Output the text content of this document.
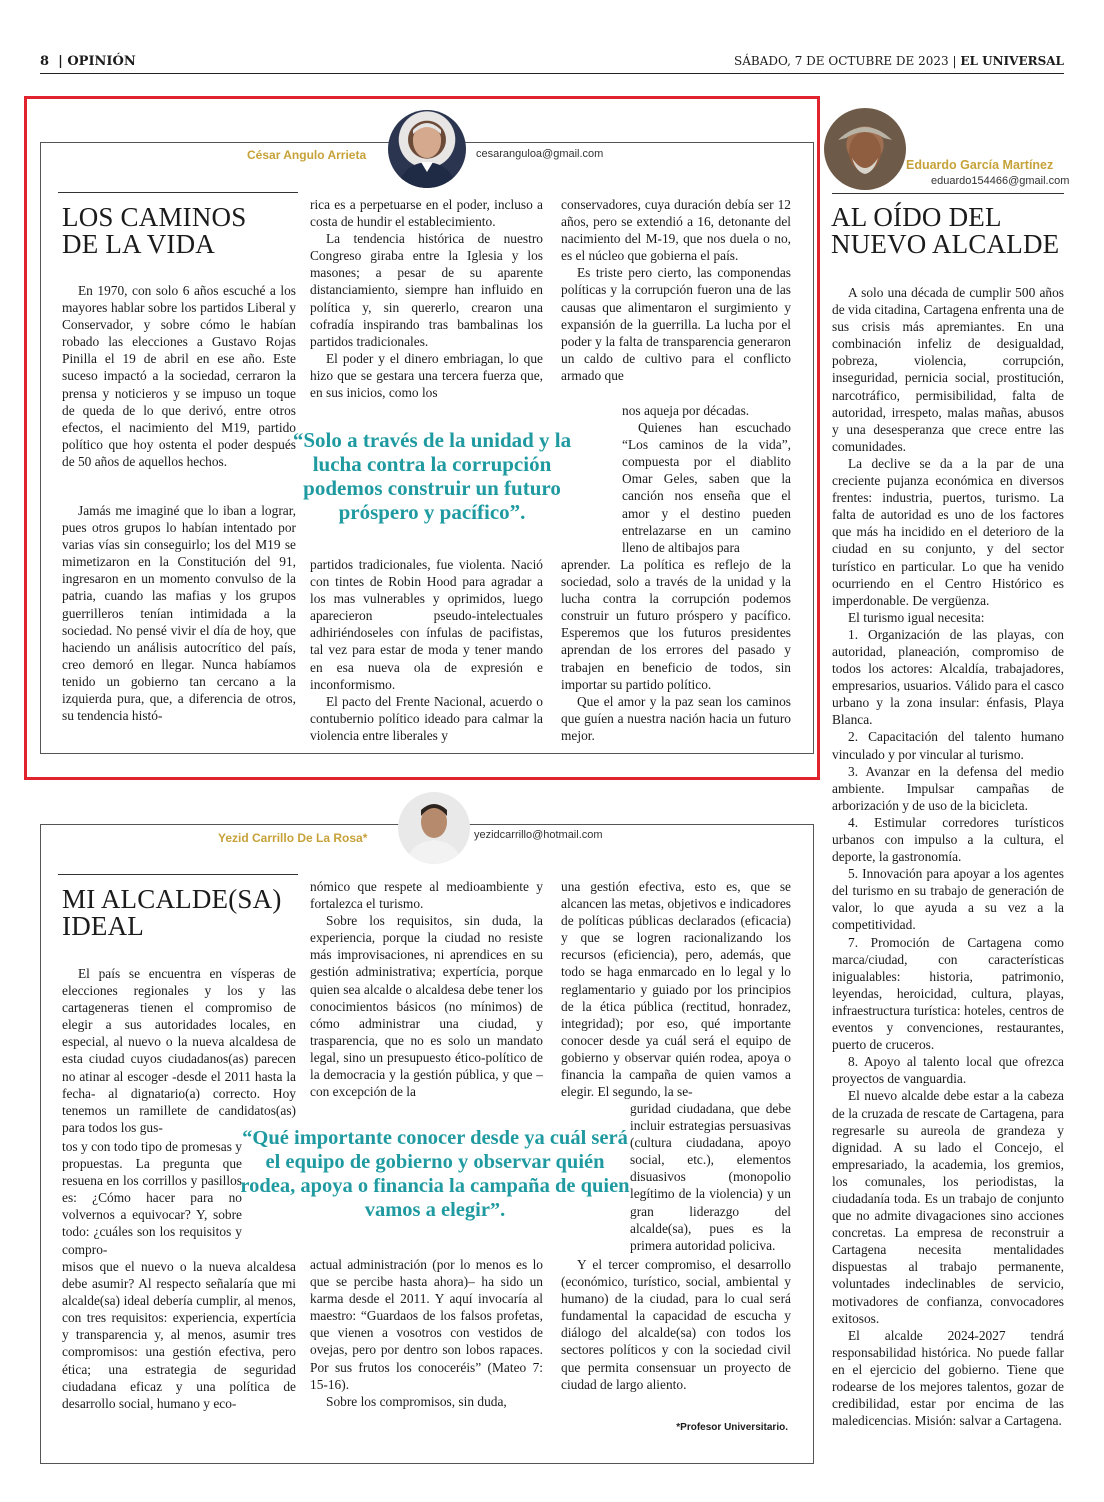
8  | OPINIÓN	SÁBADO, 7 DE OCTUBRE DE 2023 | EL UNIVERSAL
César Angulo Arrieta	cesaranguloa@gmail.com
LOS CAMINOS
DE LA VIDA

En 1970, con solo 6 años escuché a los mayores hablar sobre los partidos Liberal y Conservador, y sobre cómo le habían robado las elecciones a Gustavo Rojas Pinilla el 19 de abril en ese año. Este suceso impactó a la sociedad, cerraron la prensa y noticieros y se impuso un toque de queda de lo que derivó, entre otros efectos, el nacimiento del M19, partido político que hoy ostenta el poder después de 50 años de aquellos hechos.

Jamás me imaginé que lo iban a lograr, pues otros grupos lo habían intentado por varias vías sin conseguirlo; los del M19 se mimetizaron en la Constitución del 91, ingresaron en un momento convulso de la patria, cuando las mafias y los grupos guerrilleros tenían intimidada a la sociedad. No pensé vivir el día de hoy, que haciendo un análisis autocrítico del país, creo demoró en llegar. Nunca habíamos tenido un gobierno tan cercano a la izquierda pura, que, a diferencia de otros, su tendencia histó-

rica es a perpetuarse en el poder, incluso a costa de hundir el establecimiento.

La tendencia histórica de nuestro Congreso giraba entre la Iglesia y los masones; a pesar de su aparente distanciamiento, siempre han influido en política y, sin quererlo, crearon una cofradía inspirando tras bambalinas los partidos tradicionales.

El poder y el dinero embriagan, lo que hizo que se gestara una tercera fuerza que, en sus inicios, como los

“Solo a través de la unidad y la lucha contra la corrupción podemos construir un futuro próspero y pacífico”.

partidos tradicionales, fue violenta. Nació con tintes de Robin Hood para agradar a los mas vulnerables y oprimidos, luego aparecieron pseudo-intelectuales adhiriéndoseles con ínfulas de pacifistas, tal vez para estar de moda y tener mando en esa nueva ola de expresión e inconformismo.

El pacto del Frente Nacional, acuerdo o contubernio político ideado para calmar la violencia entre liberales y

conservadores, cuya duración debía ser 12 años, pero se extendió a 16, detonante del nacimiento del M-19, que nos duela o no, es el núcleo que gobierna el país.

Es triste pero cierto, las componendas políticas y la corrupción fueron una de las causas que alimentaron el surgimiento y expansión de la guerrilla. La lucha por el poder y la falta de transparencia generaron un caldo de cultivo para el conflicto armado que

nos aqueja por décadas.

Quienes han escuchado “Los caminos de la vida”, compuesta por el diablito Omar Geles, saben que la canción nos enseña que el amor y el destino pueden entrelazarse en un camino lleno de altibajos para

aprender. La política es reflejo de la sociedad, solo a través de la unidad y la lucha contra la corrupción podemos construir un futuro próspero y pacífico. Esperemos que los futuros presidentes aprendan de los errores del pasado y trabajen en beneficio de todos, sin importar su partido político.

Que el amor y la paz sean los caminos que guíen a nuestra nación hacia un futuro mejor.

Yezid Carrillo De La Rosa*	yezidcarrillo@hotmail.com
MI ALCALDE(SA)
IDEAL

El país se encuentra en vísperas de elecciones regionales y los y las cartageneras tienen el compromiso de elegir a sus autoridades locales, en especial, al nuevo o la nueva alcaldesa de esta ciudad cuyos ciudadanos(as) parecen no atinar al escoger -desde el 2011 hasta la fecha- al dignatario(a) correcto. Hoy tenemos un ramillete de candidatos(as) para todos los gus-

tos y con todo tipo de promesas y propuestas. La pregunta que resuena en los corrillos y pasillos es: ¿Cómo hacer para no volvernos a equivocar? Y, sobre todo: ¿cuáles son los requisitos y compro-

misos que el nuevo o la nueva alcaldesa debe asumir? Al respecto señalaría que mi alcalde(sa) ideal debería cumplir, al menos, con tres requisitos: experiencia, expertícia y transparencia y, al menos, asumir tres compromisos: una gestión efectiva, pero ética; una estrategia de seguridad ciudadana eficaz y una política de desarrollo social, humano y eco-

nómico que respete al medioambiente y fortalezca el turismo.

Sobre los requisitos, sin duda, la experiencia, porque la ciudad no resiste más improvisaciones, ni aprendices en su gestión administrativa; expertícia, porque quien sea alcalde o alcaldesa debe tener los conocimientos básicos (no mínimos) de cómo administrar una ciudad, y trasparencia, que no es solo un mandato legal, sino un presupuesto ético-político de la democracia y la gestión pública, y que –con excepción de la

“Qué importante conocer desde ya cuál será el equipo de gobierno y observar quién rodea, apoya o financia la campaña de quien vamos a elegir”.

actual administración (por lo menos es lo que se percibe hasta ahora)– ha sido un karma desde el 2011. Y aquí invocaría al maestro: “Guardaos de los falsos profetas, que vienen a vosotros con vestidos de ovejas, pero por dentro son lobos rapaces. Por sus frutos los conoceréis” (Mateo 7: 15-16).

Sobre los compromisos, sin duda,

una gestión efectiva, esto es, que se alcancen las metas, objetivos e indicadores de políticas públicas declarados (eficacia) y que se logren racionalizando los recursos (eficiencia), pero, además, que todo se haga enmarcado en lo legal y lo reglamentario y guiado por los principios de la ética pública (rectitud, honradez, integridad); por eso, qué importante conocer desde ya cuál será el equipo de gobierno y observar quién rodea, apoya o financia la campaña de quien vamos a elegir. El segundo, la se-

guridad ciudadana, que debe incluir estrategias persuasivas (cultura ciudadana, apoyo social, etc.), elementos disuasivos (monopolio legítimo de la violencia) y un gran liderazgo del alcalde(sa), pues es la primera autoridad policiva.

Y el tercer compromiso, el desarrollo (económico, turístico, social, ambiental y humano) de la ciudad, para lo cual será fundamental la capacidad de escucha y diálogo del alcalde(sa) con todos los sectores políticos y con la sociedad civil que permita consensuar un proyecto de ciudad de largo aliento.

*Profesor Universitario.
Eduardo García Martínez
eduardo154466@gmail.com
AL OÍDO DEL
NUEVO ALCALDE

A solo una década de cumplir 500 años de vida citadina, Cartagena enfrenta una de sus crisis más apremiantes. En una combinación infeliz de desigualdad, pobreza, violencia, corrupción, inseguridad, pernicia social, prostitución, narcotráfico, permisibilidad, falta de autoridad, irrespeto, malas mañas, abusos y una desesperanza que crece entre las comunidades.

La declive se da a la par de una creciente pujanza económica en diversos frentes: industria, puertos, turismo. La falta de autoridad es uno de los factores que más ha incidido en el deterioro de la ciudad en su conjunto, y del sector turístico en particular. Lo que ha venido ocurriendo en el Centro Histórico es imperdonable. De vergüenza.

El turismo igual necesita:

1. Organización de las playas, con autoridad, planeación, compromiso de todos los actores: Alcaldía, trabajadores, empresarios, usuarios. Válido para el casco urbano y la zona insular: énfasis, Playa Blanca.

2. Capacitación del talento humano vinculado y por vincular al turismo.

3. Avanzar en la defensa del medio ambiente. Impulsar campañas de arborización y de uso de la bicicleta.

4. Estimular corredores turísticos urbanos con impulso a la cultura, el deporte, la gastronomía.

5. Innovación para apoyar a los agentes del turismo en su trabajo de generación de valor, lo que ayuda a su vez a la competitividad.

7. Promoción de Cartagena como marca/ciudad, con características inigualables: historia, patrimonio, leyendas, heroicidad, cultura, playas, infraestructura turística: hoteles, centros de eventos y convenciones, restaurantes, puerto de cruceros.

8. Apoyo al talento local que ofrezca proyectos de vanguardia.

El nuevo alcalde debe estar a la cabeza de la cruzada de rescate de Cartagena, para regresarle su aureola de grandeza y dignidad. A su lado el Concejo, el empresariado, la academia, los gremios, los comunales, los periodistas, la ciudadanía toda. Es un trabajo de conjunto que no admite divagaciones sino acciones concretas. La empresa de reconstruir a Cartagena necesita mentalidades dispuestas al trabajo permanente, voluntades indeclinables de servicio, motivadores de confianza, convocadores exitosos.

El alcalde 2024-2027 tendrá responsabilidad histórica. No puede fallar en el ejercicio del gobierno. Tiene que rodearse de los mejores talentos, gozar de credibilidad, estar por encima de las maledicencias. Misión: salvar a Cartagena.
